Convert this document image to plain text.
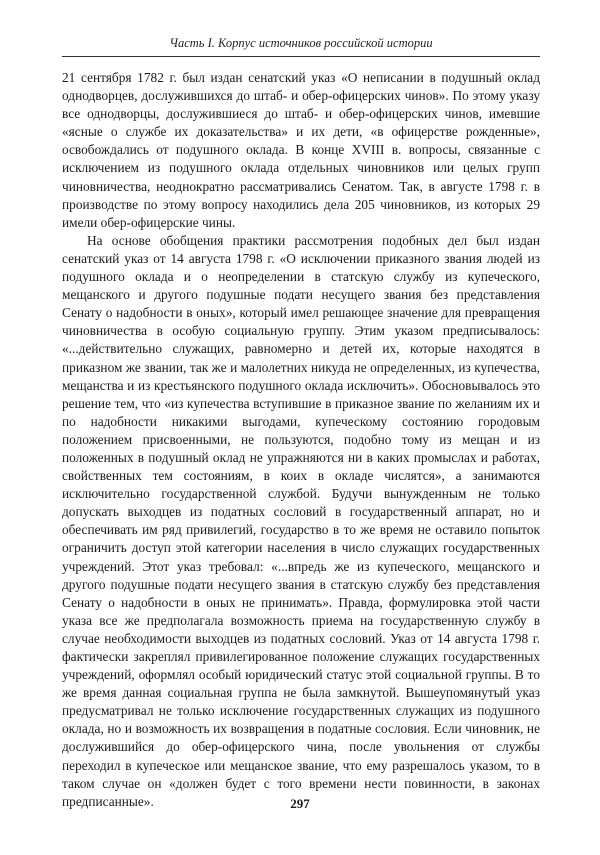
Часть I. Корпус источников российской истории

21 сентября 1782 г. был издан сенатский указ «О неписании в подушный оклад однодворцев, дослужившихся до штаб- и обер-офицерских чинов». По этому указу все однодворцы, дослужившиеся до штаб- и обер-офицерских чинов, имевшие «ясные о службе их доказательства» и их дети, «в офицерстве рожденные», освобождались от подушного оклада. В конце XVIII в. вопросы, связанные с исключением из подушного оклада отдельных чиновников или целых групп чиновничества, неоднократно рассматривались Сенатом. Так, в августе 1798 г. в производстве по этому вопросу находились дела 205 чиновников, из которых 29 имели обер-офицерские чины.

На основе обобщения практики рассмотрения подобных дел был издан сенатский указ от 14 августа 1798 г. «О исключении приказного звания людей из подушного оклада и о неопределении в статскую службу из купеческого, мещанского и другого подушные подати несущего звания без представления Сенату о надобности в оных», который имел решающее значение для превращения чиновничества в особую социальную группу. Этим указом предписывалось: «...действительно служащих, равномерно и детей их, которые находятся в приказном же звании, так же и малолетних никуда не определенных, из купечества, мещанства и из крестьянского подушного оклада исключить». Обосновывалось это решение тем, что «из купечества вступившие в приказное звание по желаниям их и по надобности никакими выгодами, купеческому состоянию городовым положением присвоенными, не пользуются, подобно тому из мещан и из положенных в подушный оклад не упражняются ни в каких промыслах и работах, свойственных тем состояниям, в коих в окладе числятся», а занимаются исключительно государственной службой. Будучи вынужденным не только допускать выходцев из податных сословий в государственный аппарат, но и обеспечивать им ряд привилегий, государство в то же время не оставило попыток ограничить доступ этой категории населения в число служащих государственных учреждений. Этот указ требовал: «...впредь же из купеческого, мещанского и другого подушные подати несущего звания в статскую службу без представления Сенату о надобности в оных не принимать». Правда, формулировка этой части указа все же предполагала возможность приема на государственную службу в случае необходимости выходцев из податных сословий. Указ от 14 августа 1798 г. фактически закреплял привилегированное положение служащих государственных учреждений, оформлял особый юридический статус этой социальной группы. В то же время данная социальная группа не была замкнутой. Вышеупомянутый указ предусматривал не только исключение государственных служащих из подушного оклада, но и возможность их возвращения в податные сословия. Если чиновник, не дослужившийся до обер-офицерского чина, после увольнения от службы переходил в купеческое или мещанское звание, что ему разрешалось указом, то в таком случае он «должен будет с того времени нести повинности, в законах предписанные».	297
